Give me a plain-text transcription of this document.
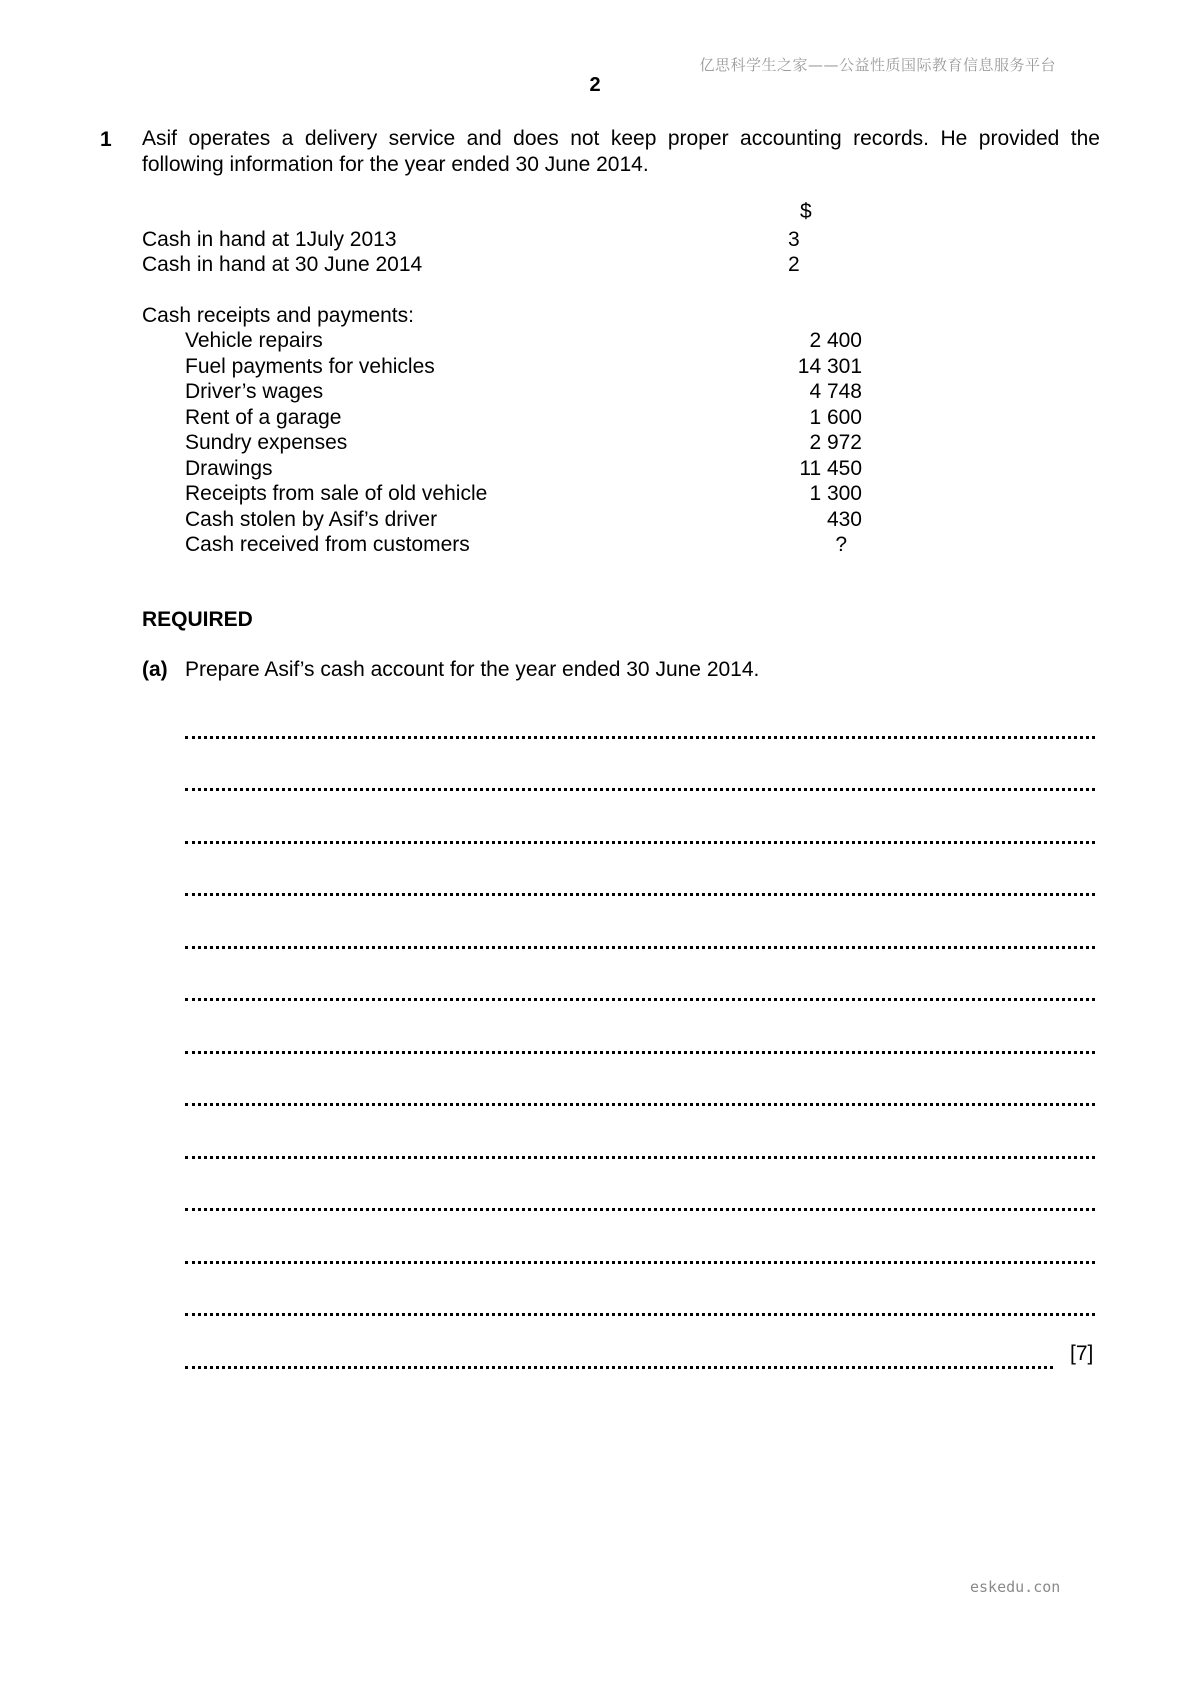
亿思科学生之家——公益性质国际教育信息服务平台
2
1 Asif operates a delivery service and does not keep proper accounting records. He provided the following information for the year ended 30 June 2014.
$
Cash in hand at 1July 2013	3
Cash in hand at 30 June 2014	2
Cash receipts and payments:
Vehicle repairs	2 400
Fuel payments for vehicles	14 301
Driver’s wages	4 748
Rent of a garage	1 600
Sundry expenses	2 972
Drawings	11 450
Receipts from sale of old vehicle	1 300
Cash stolen by Asif’s driver	430
Cash received from customers	?
REQUIRED
(a) Prepare Asif’s cash account for the year ended 30 June 2014.
[7]
eskedu.con
